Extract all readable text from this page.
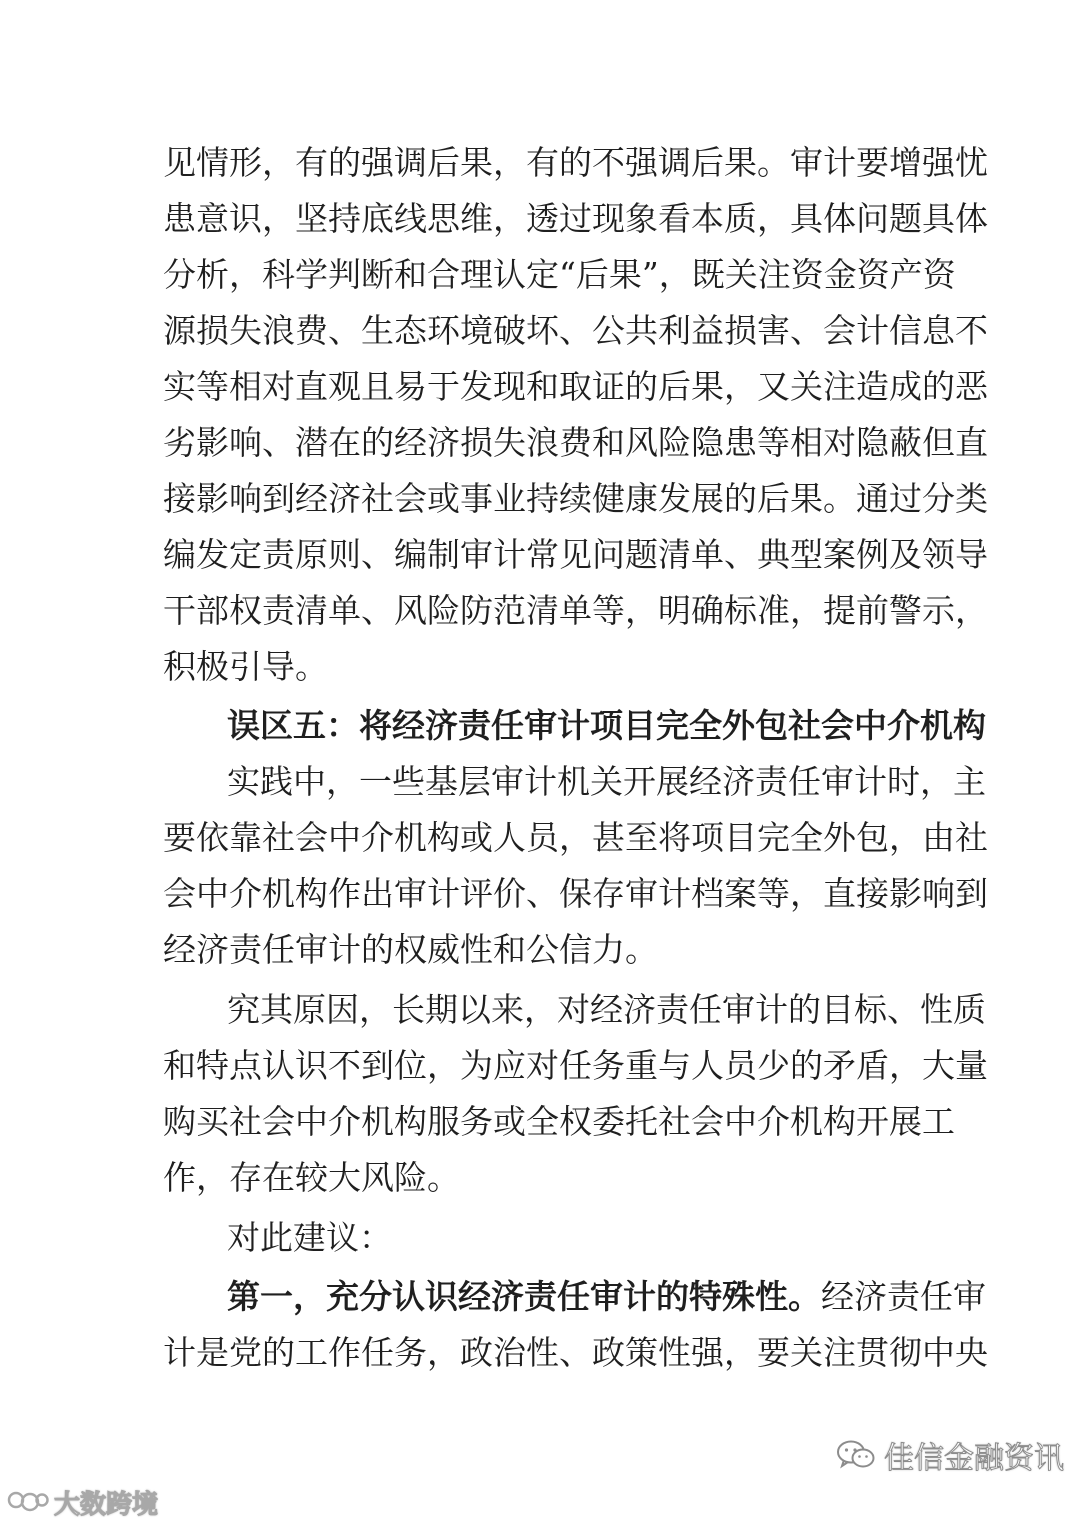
见情形，有的强调后果，有的不强调后果。审计要增强忧
患意识，坚持底线思维，透过现象看本质，具体问题具体
分析，科学判断和合理认定“后果”，既关注资金资产资
源损失浪费、生态环境破坏、公共利益损害、会计信息不
实等相对直观且易于发现和取证的后果，又关注造成的恶
劣影响、潜在的经济损失浪费和风险隐患等相对隐蔽但直
接影响到经济社会或事业持续健康发展的后果。通过分类
编发定责原则、编制审计常见问题清单、典型案例及领导
干部权责清单、风险防范清单等，明确标准，提前警示，
积极引导。
误区五：将经济责任审计项目完全外包社会中介机构
实践中，一些基层审计机关开展经济责任审计时，主
要依靠社会中介机构或人员，甚至将项目完全外包，由社
会中介机构作出审计评价、保存审计档案等，直接影响到
经济责任审计的权威性和公信力。
究其原因，长期以来，对经济责任审计的目标、性质
和特点认识不到位，为应对任务重与人员少的矛盾，大量
购买社会中介机构服务或全权委托社会中介机构开展工
作，存在较大风险。
对此建议：
第一，充分认识经济责任审计的特殊性。经济责任审
计是党的工作任务，政治性、政策性强，要关注贯彻中央
佳信金融资讯
大数跨境
